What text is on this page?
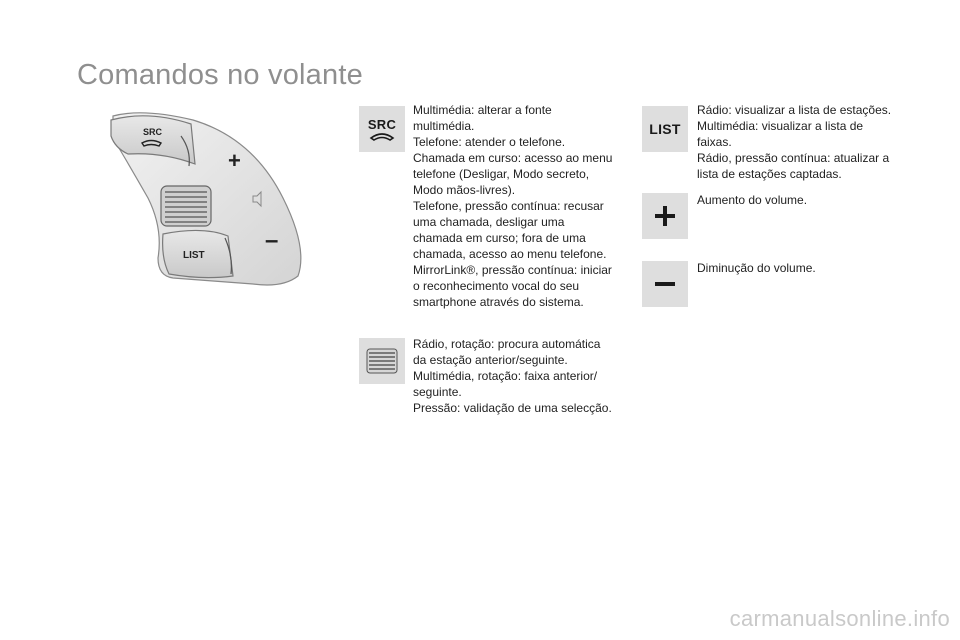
Comandos no volante
SRC
+
LIST
–
SRC
Multimédia: alterar a fonte
multimédia.
Telefone: atender o telefone.
Chamada em curso: acesso ao menu
telefone (Desligar, Modo secreto,
Modo mãos-livres).
Telefone, pressão contínua: recusar
uma chamada, desligar uma
chamada em curso; fora de uma
chamada, acesso ao menu telefone.
MirrorLink®, pressão contínua: iniciar
o reconhecimento vocal do seu
smartphone através do sistema.
Rádio, rotação: procura automática
da estação anterior/seguinte.
Multimédia, rotação: faixa anterior/
seguinte.
Pressão: validação de uma selecção.
LIST
Rádio: visualizar a lista de estações.
Multimédia: visualizar a lista de
faixas.
Rádio, pressão contínua: atualizar a
lista de estações captadas.
Aumento do volume.
Diminução do volume.
carmanualsonline.info
